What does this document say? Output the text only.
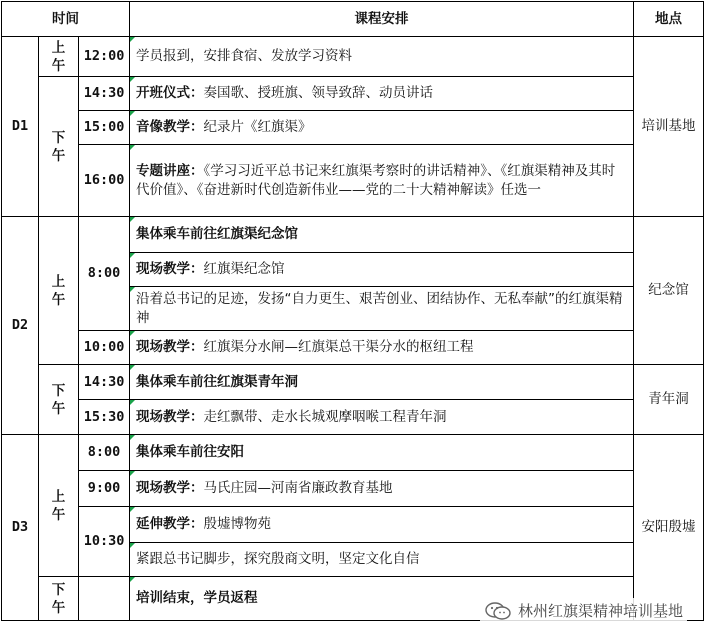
时间			课程安排	地点
D1	上午	12:00	学员报到，安排食宿、发放学习资料	培训基地

	下午	14:30	开班仪式：奏国歌、授班旗、领导致辞、动员讲话	
		15:00	音像教学：纪录片《红旗渠》	
		16:00	专题讲座：《学习习近平总书记来红旗渠考察时的讲话精神》、《红旗渠精神及其时代价值》、《奋进新时代创造新伟业——党的二十大精神解读》任选一	
D2	上午	8:00	集体乘车前往红旗渠纪念馆	纪念馆
			现场教学：红旗渠纪念馆	
			沿着总书记的足迹，发扬“自力更生、艰苦创业、团结协作、无私奉献”的红旗渠精神	
		10:00	现场教学：红旗渠分水闸—红旗渠总干渠分水的枢纽工程	

	下午	14:30	集体乘车前往红旗渠青年洞	青年洞
		15:30	现场教学：走红飘带、走水长城观摩咽喉工程青年洞	
D3	上午	8:00	集体乘车前往安阳	安阳殷墟
		9:00	现场教学：马氏庄园—河南省廉政教育基地	
		10:30	延伸教学：殷墟博物苑	
			紧跟总书记脚步，探究殷商文明，坚定文化自信	

	下午		培训结束，学员返程	
林州红旗渠精神培训基地
